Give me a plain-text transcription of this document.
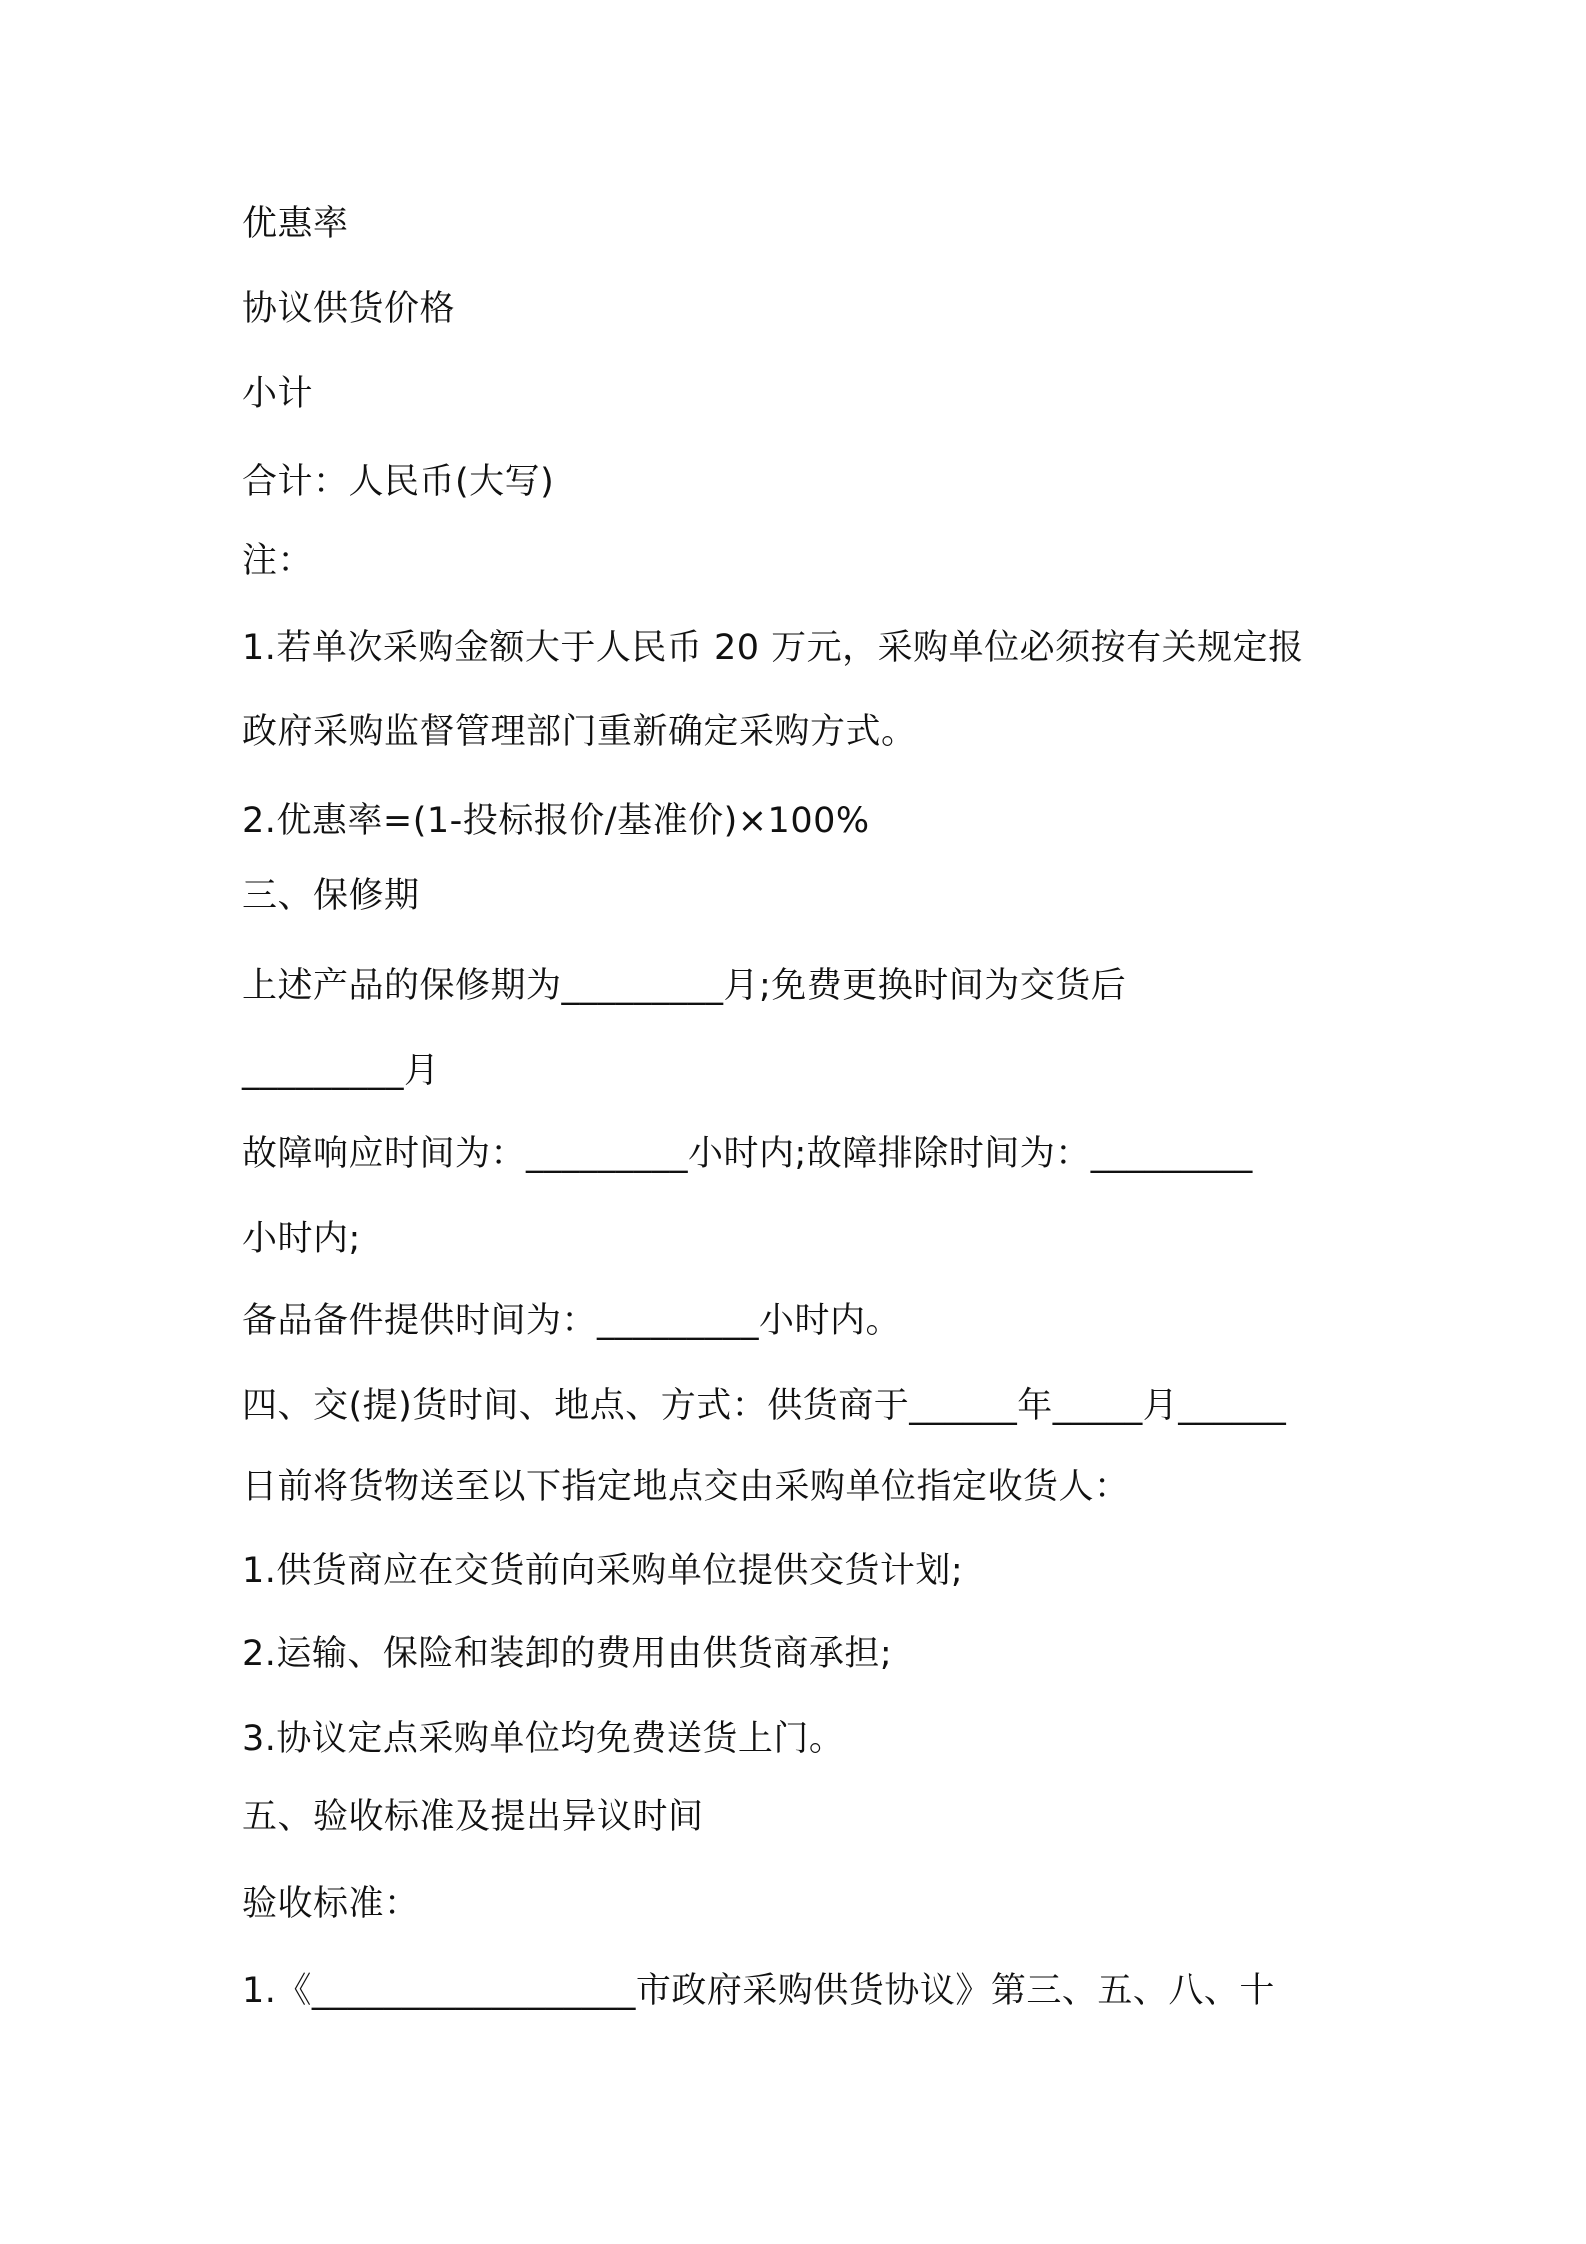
优惠率
协议供货价格
小计
合计：人民币(大写)
注：
1.若单次采购金额大于人民币 20 万元，采购单位必须按有关规定报
政府采购监督管理部门重新确定采购方式。
2.优惠率=(1-投标报价/基准价)×100%
三、保修期
上述产品的保修期为_________月;免费更换时间为交货后
_________月
故障响应时间为：_________小时内;故障排除时间为：_________
小时内;
备品备件提供时间为：_________小时内。
四、交(提)货时间、地点、方式：供货商于______年_____月______
日前将货物送至以下指定地点交由采购单位指定收货人：
1.供货商应在交货前向采购单位提供交货计划;
2.运输、保险和装卸的费用由供货商承担;
3.协议定点采购单位均免费送货上门。
五、验收标准及提出异议时间
验收标准：
1.《__________________市政府采购供货协议》第三、五、八、十
